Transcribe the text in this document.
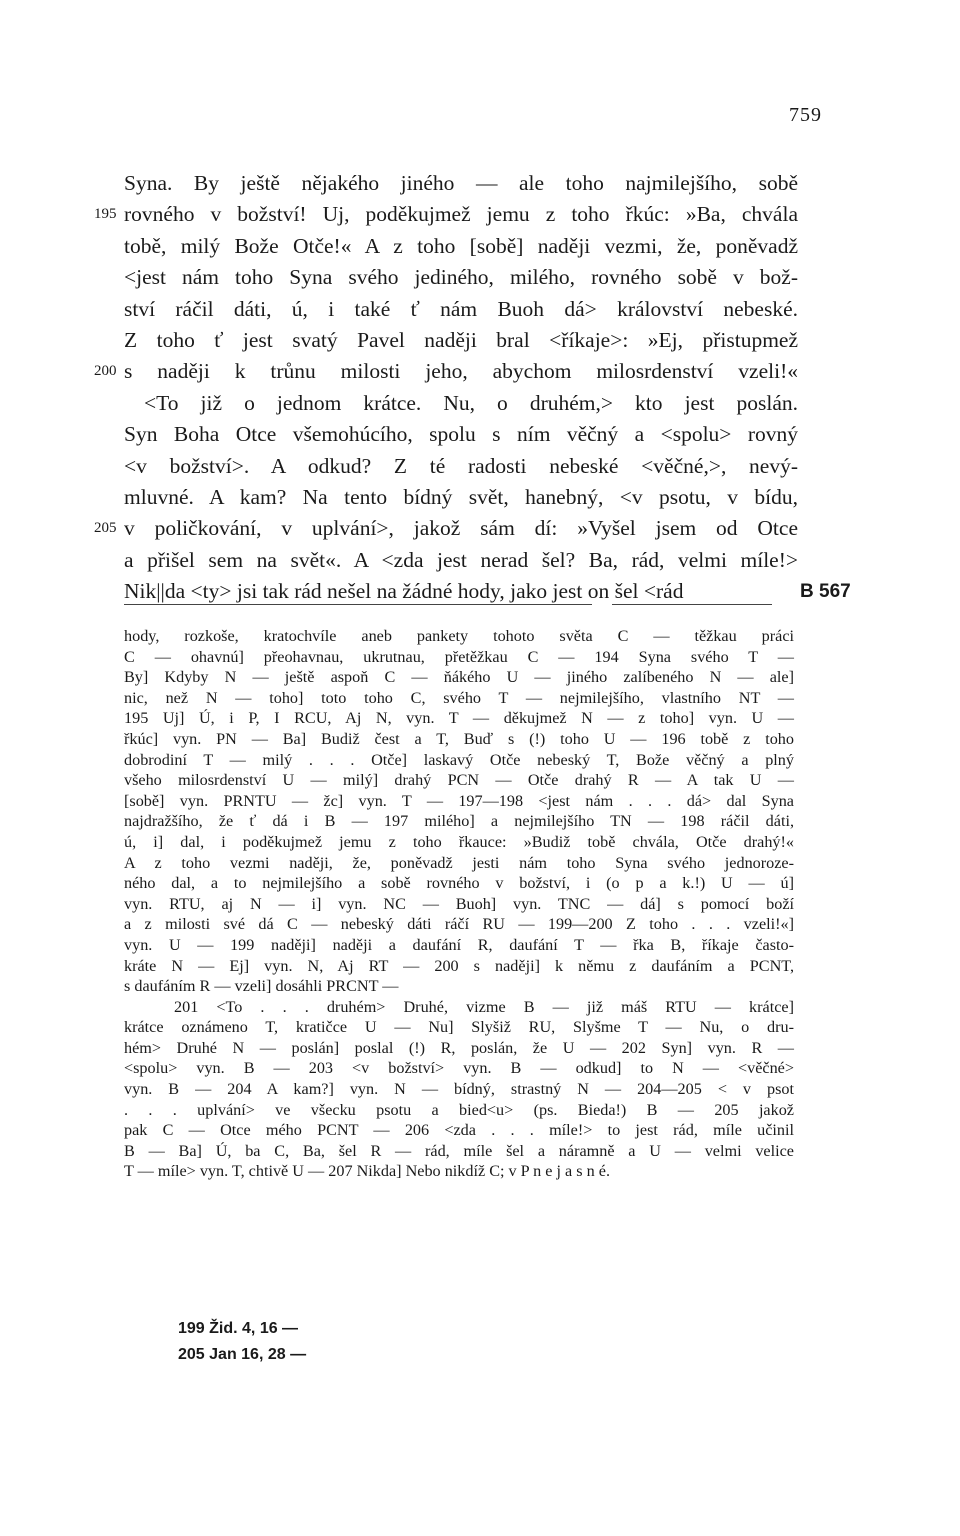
759
Syna. By ještě nějakého jiného — ale toho najmilejšího, sobě
195 rovného v božství! Uj, poděkujmež jemu z toho řkúc: »Ba, chvála
tobě, milý Bože Otče!« A z toho [sobě] naději vezmi, že, poněvadž
<jest nám toho Syna svého jediného, milého, rovného sobě v bož-
ství ráčil dáti, ú, i také ť nám Buoh dá> království nebeské.
Z toho ť jest svatý Pavel naději bral <říkaje>: »Ej, přistupmež
200 s naději k trůnu milosti jeho, abychom milosrdenství vzeli!«
<To již o jednom krátce. Nu, o druhém,> kto jest poslán.
Syn Boha Otce všemohúcího, spolu s ním věčný a <spolu> rovný
<v božství>. A odkud? Z té radosti nebeské <věčné,>, nevý-
mluvné. A kam? Na tento bídný svět, hanebný, <v psotu, v bídu,
205 v poličkování, v uplvání>, jakož sám dí: »Vyšel jsem od Otce
a přišel sem na svět«. A <zda jest nerad šel? Ba, rád, velmi míle!>
Nik||da <ty> jsi tak rád nešel na žádné hody, jako jest on šel <rád	B 567
hody, rozkoše, kratochvíle aneb pankety tohoto světa C — těžkau práci
C — ohavnú] přeohavnau, ukrutnau, přetěžkau C — 194 Syna svého T —
By] Kdyby N — ještě aspoň C — ňákého U — jiného zalíbeného N — ale]
nic, než N — toho] toto toho C, svého T — nejmilejšího, vlastního NT —
195 Uj] Ú, i P, I RCU, Aj N, vyn. T — děkujmež N — z toho] vyn. U —
řkúc] vyn. PN — Ba] Budiž čest a T, Buď s (!) toho U — 196 tobě z toho
dobrodiní T — milý . . . Otče] laskavý Otče nebeský T, Bože věčný a plný
všeho milosrdenství U — milý] drahý PCN — Otče drahý R — A tak U —
[sobě] vyn. PRNTU — žc] vyn. T — 197—198 <jest nám . . . dá> dal Syna
najdražšího, že ť dá i B — 197 milého] a nejmilejšího TN — 198 ráčil dáti,
ú, i] dal, i poděkujmež jemu z toho řkauce: »Budiž tobě chvála, Otče drahý!«
A z toho vezmi naději, že, poněvadž jesti nám toho Syna svého jednoroze-
ného dal, a to nejmilejšího a sobě rovného v božství, i (o p a k.!) U — ú]
vyn. RTU, aj N — i] vyn. NC — Buoh] vyn. TNC — dá] s pomocí boží
a z milosti své dá C — nebeský dáti ráčí RU — 199—200 Z toho . . . vzeli!«]
vyn. U — 199 naději] naději a daufání R, daufání T — řka B, říkaje často-
kráte N — Ej] vyn. N, Aj RT — 200 s naději] k němu z daufáním a PCNT,
s daufáním R — vzeli] dosáhli PRCNT —
201 <To . . . druhém> Druhé, vizme B — již máš RTU — krátce]
krátce oznámeno T, kratičce U — Nu] Slyšiž RU, Slyšme T — Nu, o dru-
hém> Druhé N — poslán] poslal (!) R, poslán, že U — 202 Syn] vyn. R —
<spolu> vyn. B — 203 <v božství> vyn. B — odkud] to N — <věčné>
vyn. B — 204 A kam?] vyn. N — bídný, strastný N — 204—205 < v psot
. . . uplvání> ve všecku psotu a bied<u> (ps. Bieda!) B — 205 jakož
pak C — Otce mého PCNT — 206 <zda . . . míle!> to jest rád, míle učinil
B — Ba] Ú, ba C, Ba, šel R — rád, míle šel a náramně a U — velmi velice
T — míle> vyn. T, chtivě U — 207 Nikda] Nebo nikdíž C; v P n e j a s n é.
199 Žid. 4, 16 —
205 Jan 16, 28 —
